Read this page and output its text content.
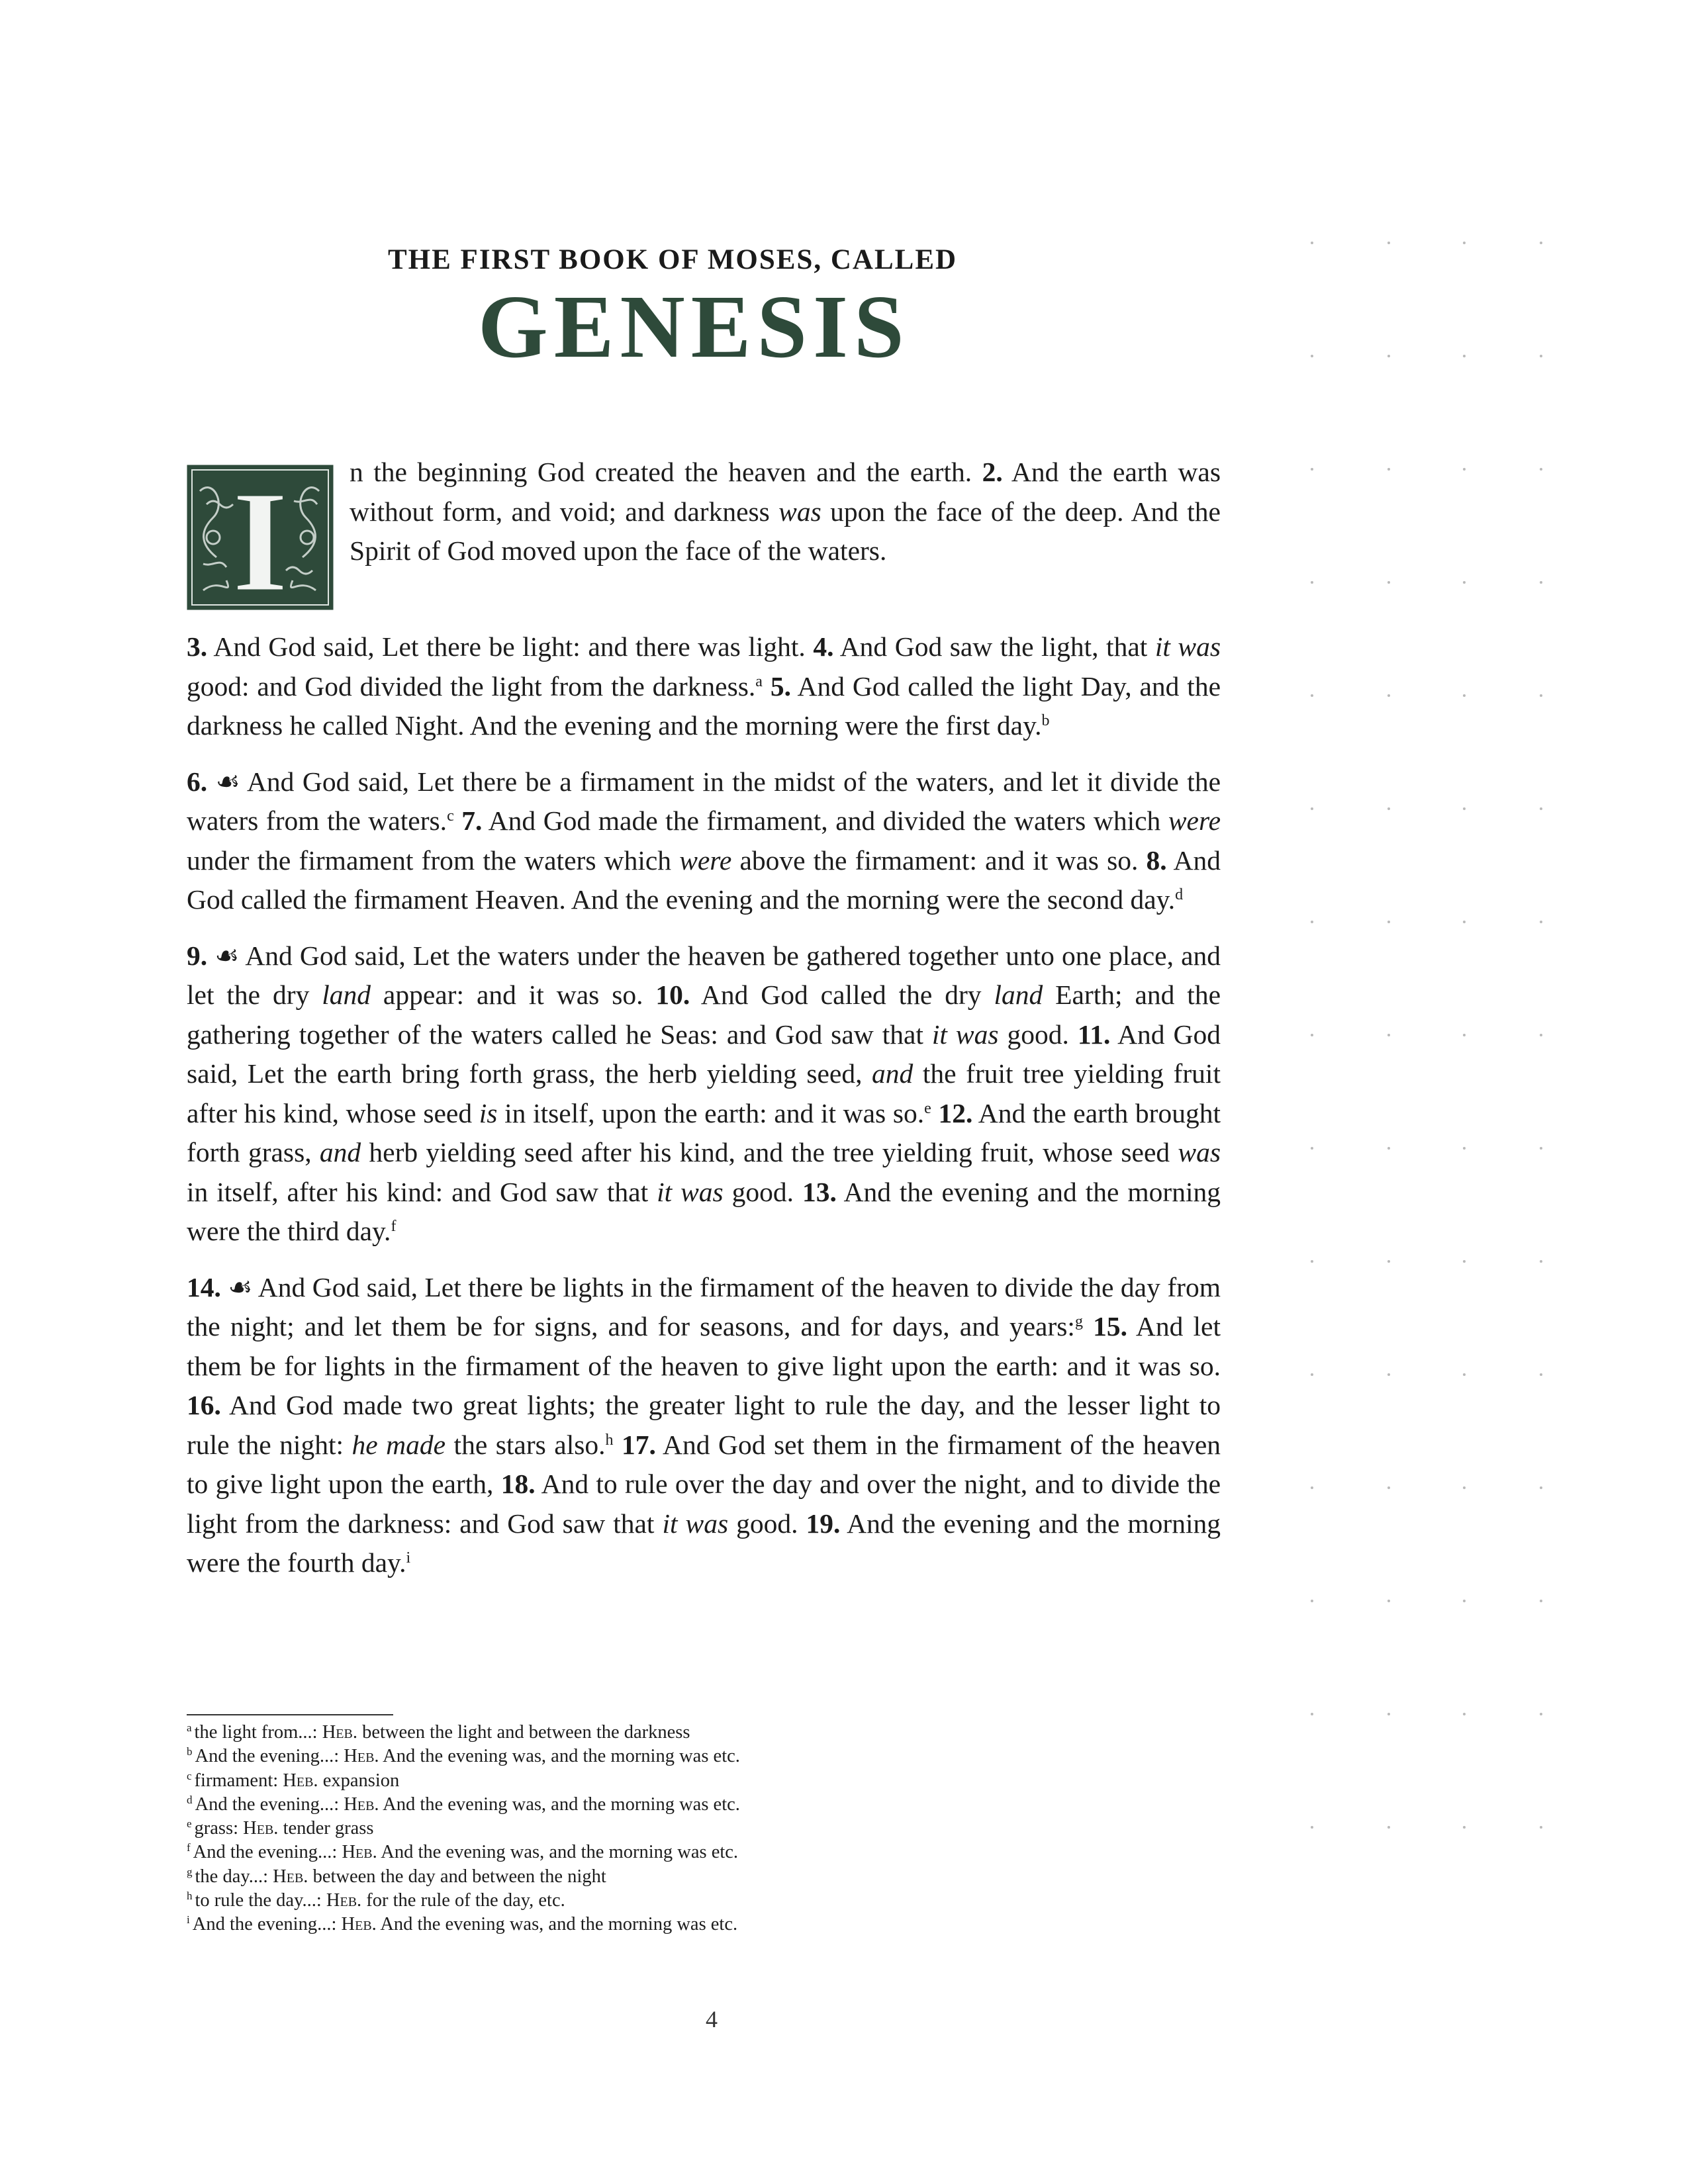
THE FIRST BOOK OF MOSES, CALLED
GENESIS
I n the beginning God created the heaven and the earth. 2. And the earth was without form, and void; and darkness was upon the face of the deep. And the Spirit of God moved upon the face of the waters.

3. And God said, Let there be light: and there was light. 4. And God saw the light, that it was good: and God divided the light from the darkness.$^a$ 5. And God called the light Day, and the darkness he called Night. And the evening and the morning were the first day.$^b$

6. ☙ And God said, Let there be a firmament in the midst of the waters, and let it divide the waters from the waters.$^c$ 7. And God made the firmament, and divided the waters which were under the firmament from the waters which were above the firmament: and it was so. 8. And God called the firmament Heaven. And the evening and the morning were the second day.$^d$

9. ☙ And God said, Let the waters under the heaven be gathered together unto one place, and let the dry land appear: and it was so. 10. And God called the dry land Earth; and the gathering together of the waters called he Seas: and God saw that it was good. 11. And God said, Let the earth bring forth grass, the herb yielding seed, and the fruit tree yielding fruit after his kind, whose seed is in itself, upon the earth: and it was so.$^e$ 12. And the earth brought forth grass, and herb yielding seed after his kind, and the tree yielding fruit, whose seed was in itself, after his kind: and God saw that it was good. 13. And the evening and the morning were the third day.$^f$

14. ☙ And God said, Let there be lights in the firmament of the heaven to divide the day from the night; and let them be for signs, and for seasons, and for days, and years:$^g$ 15. And let them be for lights in the firmament of the heaven to give light upon the earth: and it was so. 16. And God made two great lights; the greater light to rule the day, and the lesser light to rule the night: he made the stars also.$^h$ 17. And God set them in the firmament of the heaven to give light upon the earth, 18. And to rule over the day and over the night, and to divide the light from the darkness: and God saw that it was good. 19. And the evening and the morning were the fourth day.$^i$

$^a$ the light from...: Heb. between the light and between the darkness
$^b$ And the evening...: Heb. And the evening was, and the morning was etc.
$^c$ firmament: Heb. expansion
$^d$ And the evening...: Heb. And the evening was, and the morning was etc.
$^e$ grass: Heb. tender grass
$^f$ And the evening...: Heb. And the evening was, and the morning was etc.
$^g$ the day...: Heb. between the day and between the night
$^h$ to rule the day...: Heb. for the rule of the day, etc.
$^i$ And the evening...: Heb. And the evening was, and the morning was etc.
4
